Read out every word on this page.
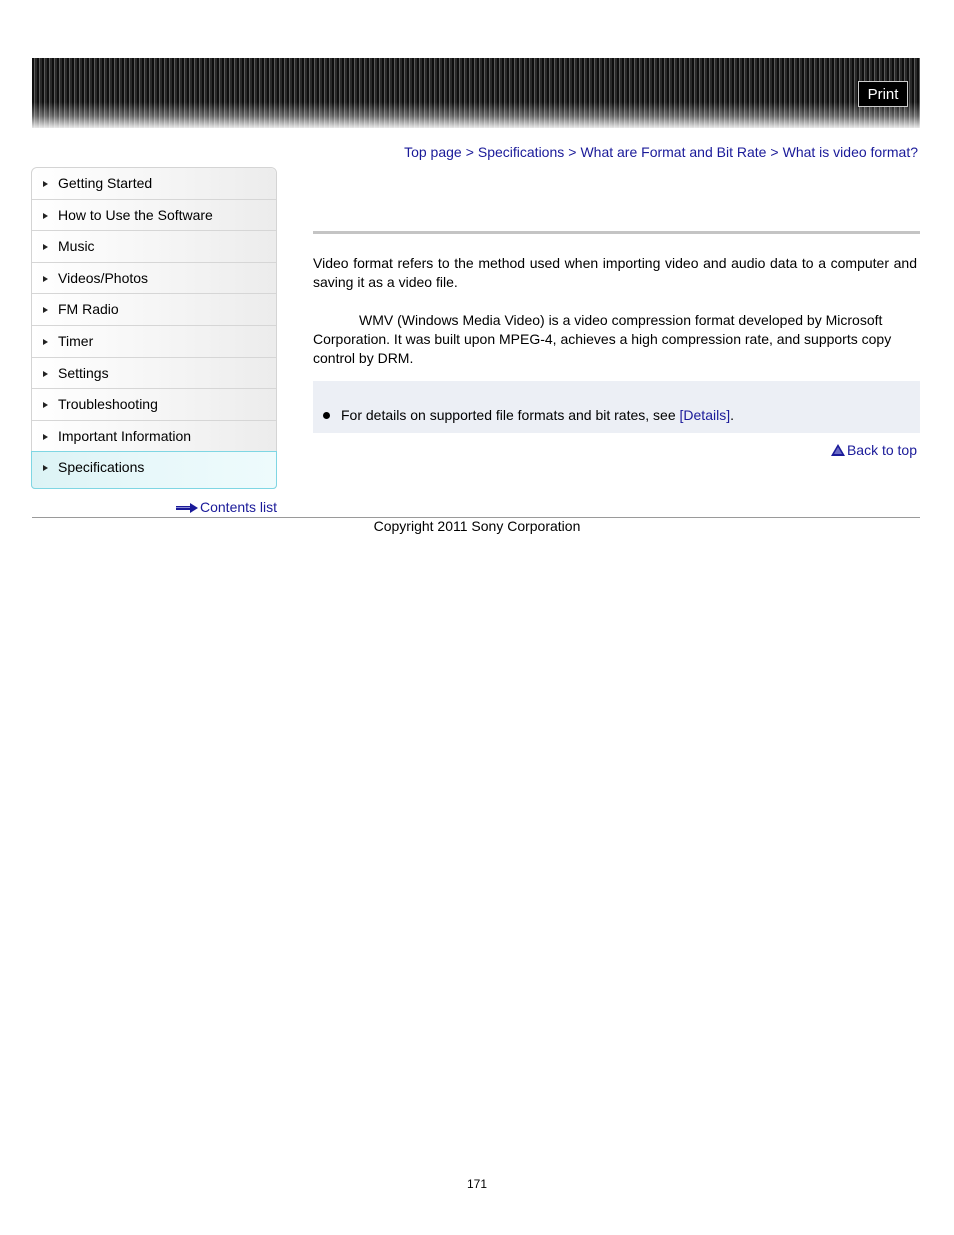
Print
Top page > Specifications > What are Format and Bit Rate > What is video format?
Getting Started
How to Use the Software
Music
Videos/Photos
FM Radio
Timer
Settings
Troubleshooting
Important Information
Specifications
Contents list
Video format refers to the method used when importing video and audio data to a computer and saving it as a video file.
WMV (Windows Media Video) is a video compression format developed by Microsoft Corporation. It was built upon MPEG-4, achieves a high compression rate, and supports copy control by DRM.
For details on supported file formats and bit rates, see [Details].
Back to top
Copyright 2011 Sony Corporation
171
